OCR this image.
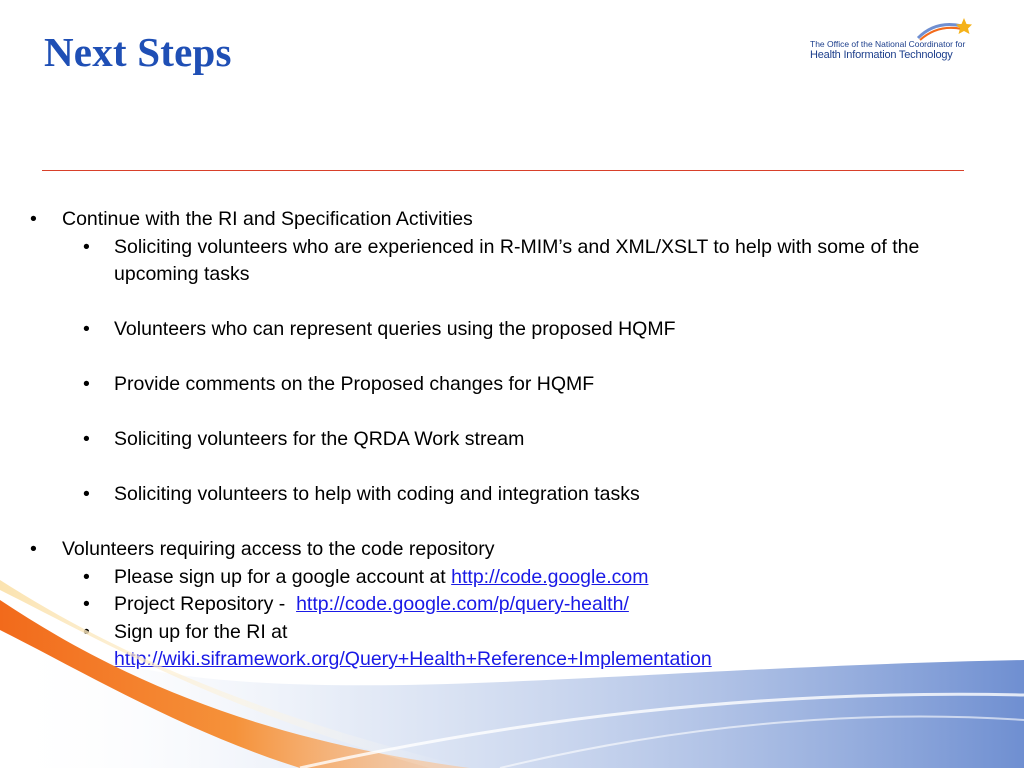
Next Steps	The Office of the National Coordinator for
Health Information Technology
• Continue with the RI and Specification Activities
• Soliciting volunteers who are experienced in R-MIM’s and XML/XSLT to help with some of the upcoming tasks
• Volunteers who can represent queries using the proposed HQMF
• Provide comments on the Proposed changes for HQMF
• Soliciting volunteers for the QRDA Work stream
• Soliciting volunteers to help with coding and integration tasks
• Volunteers requiring access to the code repository
• Please sign up for a google account at http://code.google.com
• Project Repository -  http://code.google.com/p/query-health/
Sign up for the RI at
http://wiki.siframework.org/Query+Health+Reference+Implementation
